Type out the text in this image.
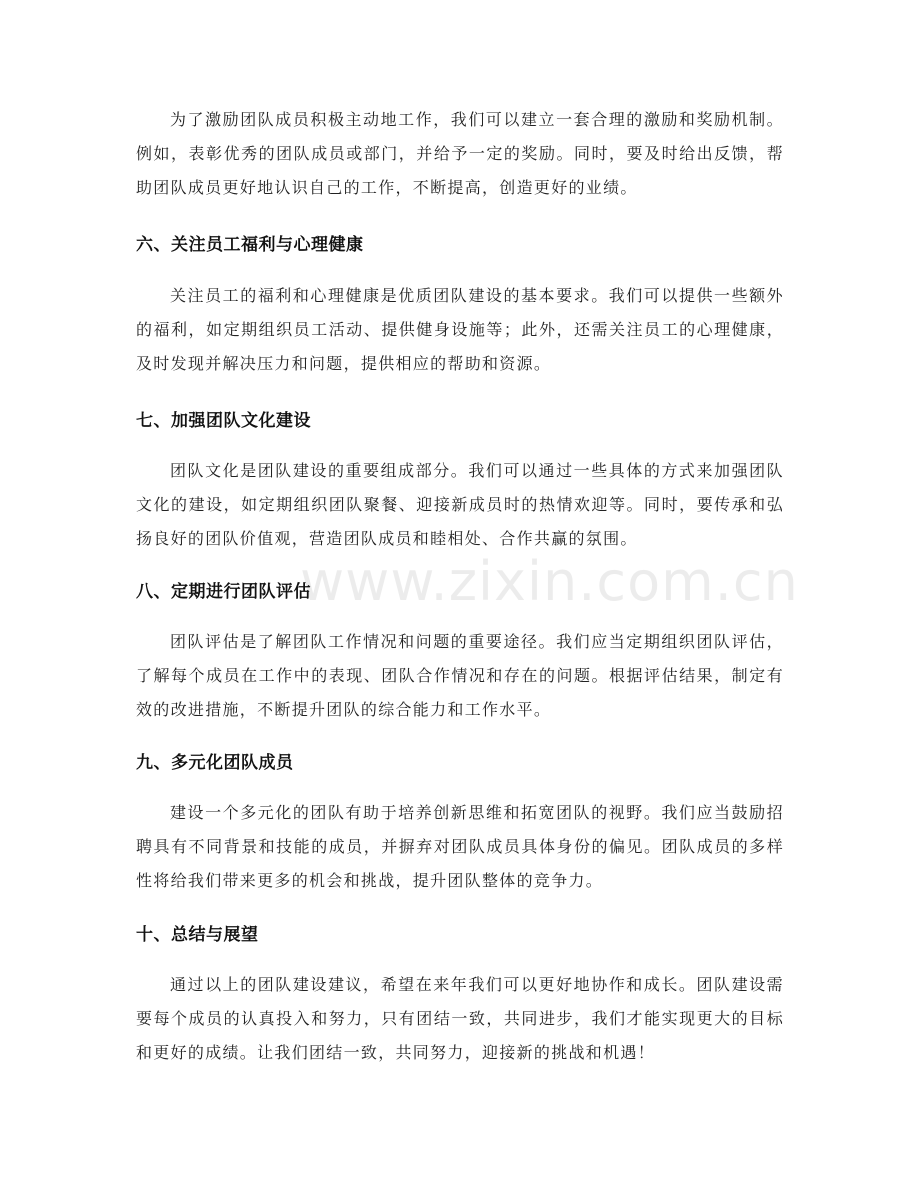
www.zixin.com.cn

为了激励团队成员积极主动地工作，我们可以建立一套合理的激励和奖励机制。例如，表彰优秀的团队成员或部门，并给予一定的奖励。同时，要及时给出反馈，帮助团队成员更好地认识自己的工作，不断提高，创造更好的业绩。

六、关注员工福利与心理健康

关注员工的福利和心理健康是优质团队建设的基本要求。我们可以提供一些额外的福利，如定期组织员工活动、提供健身设施等；此外，还需关注员工的心理健康，及时发现并解决压力和问题，提供相应的帮助和资源。

七、加强团队文化建设

团队文化是团队建设的重要组成部分。我们可以通过一些具体的方式来加强团队文化的建设，如定期组织团队聚餐、迎接新成员时的热情欢迎等。同时，要传承和弘扬良好的团队价值观，营造团队成员和睦相处、合作共赢的氛围。

八、定期进行团队评估

团队评估是了解团队工作情况和问题的重要途径。我们应当定期组织团队评估，了解每个成员在工作中的表现、团队合作情况和存在的问题。根据评估结果，制定有效的改进措施，不断提升团队的综合能力和工作水平。

九、多元化团队成员

建设一个多元化的团队有助于培养创新思维和拓宽团队的视野。我们应当鼓励招聘具有不同背景和技能的成员，并摒弃对团队成员具体身份的偏见。团队成员的多样性将给我们带来更多的机会和挑战，提升团队整体的竞争力。

十、总结与展望

通过以上的团队建设建议，希望在来年我们可以更好地协作和成长。团队建设需要每个成员的认真投入和努力，只有团结一致，共同进步，我们才能实现更大的目标和更好的成绩。让我们团结一致，共同努力，迎接新的挑战和机遇！
